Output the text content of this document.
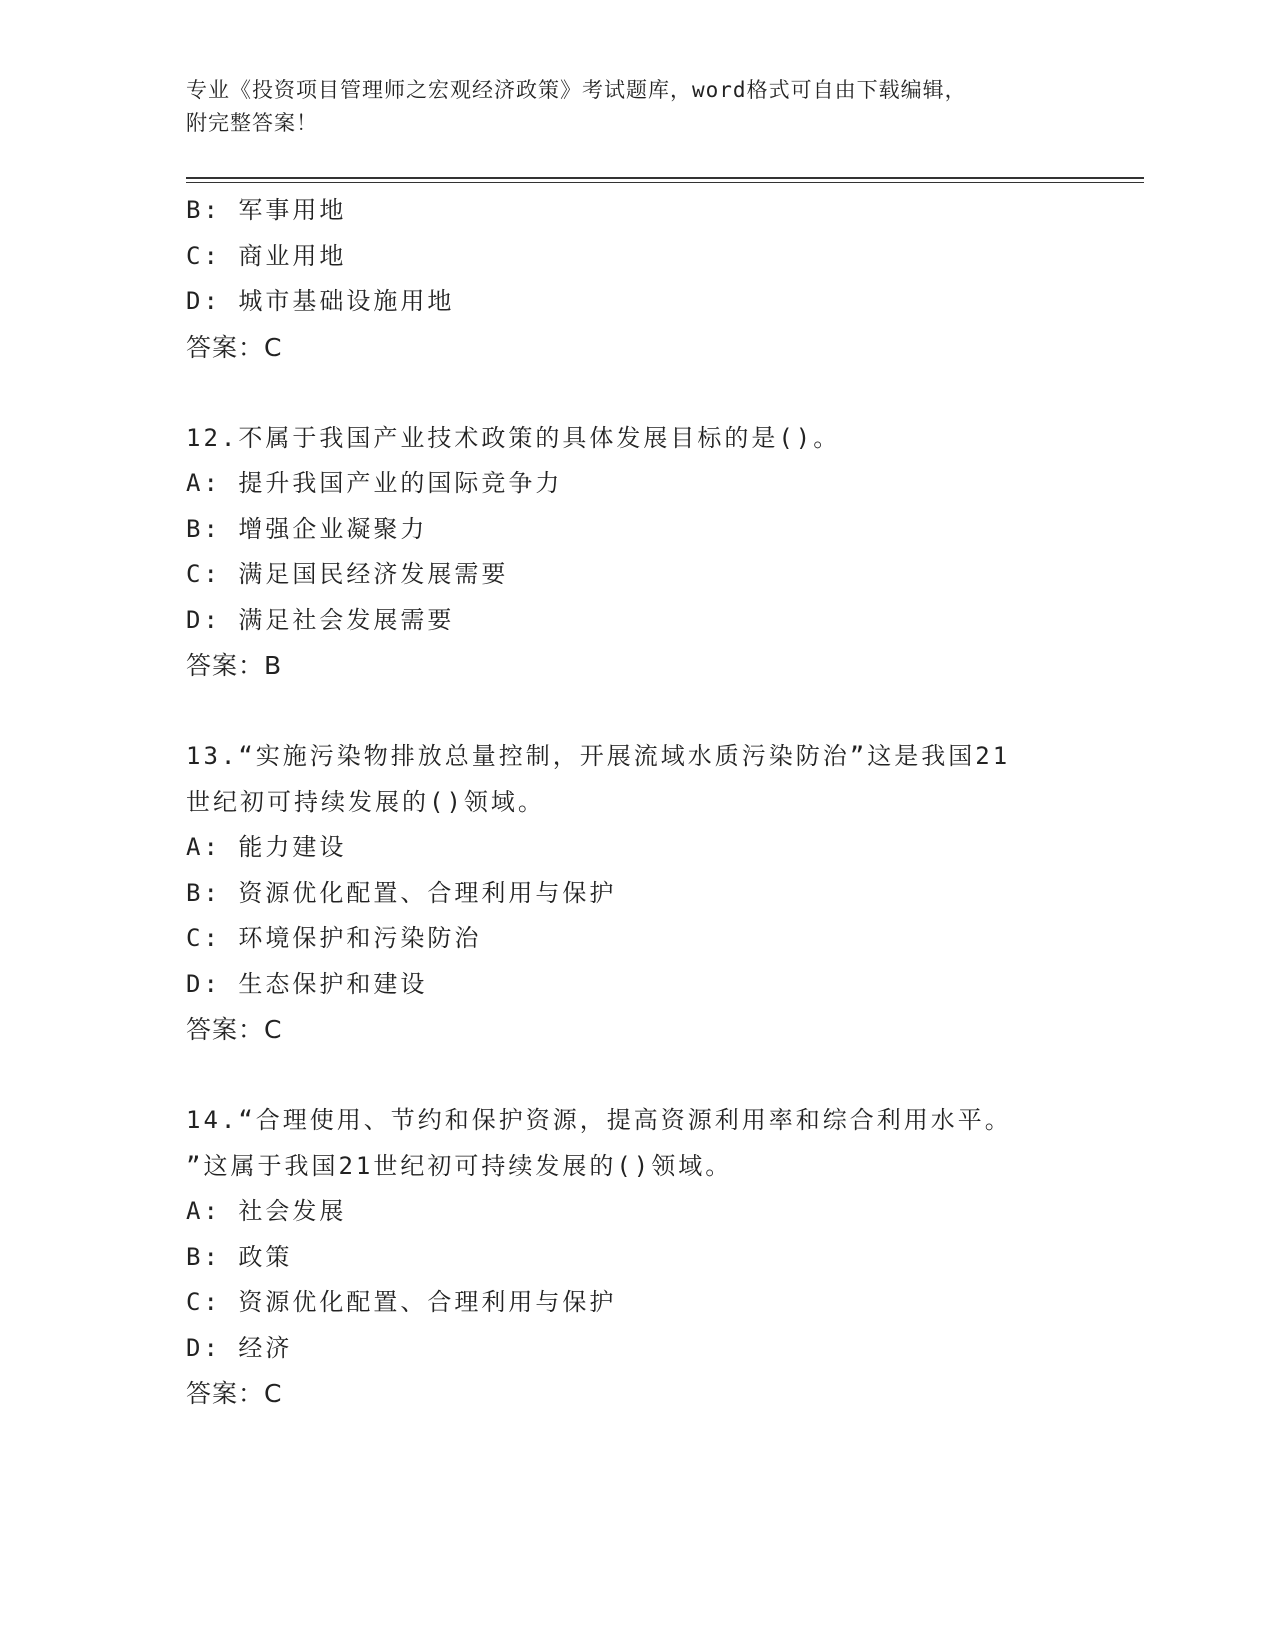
专业《投资项目管理师之宏观经济政策》考试题库，word格式可自由下载编辑，
附完整答案！
B: 军事用地
C: 商业用地
D: 城市基础设施用地
答案：C
12.不属于我国产业技术政策的具体发展目标的是()。
A: 提升我国产业的国际竞争力
B: 增强企业凝聚力
C: 满足国民经济发展需要
D: 满足社会发展需要
答案：B
13.“实施污染物排放总量控制，开展流域水质污染防治”这是我国21
世纪初可持续发展的()领域。
A: 能力建设
B: 资源优化配置、合理利用与保护
C: 环境保护和污染防治
D: 生态保护和建设
答案：C
14.“合理使用、节约和保护资源，提高资源利用率和综合利用水平。
”这属于我国21世纪初可持续发展的()领域。
A: 社会发展
B: 政策
C: 资源优化配置、合理利用与保护
D: 经济
答案：C
